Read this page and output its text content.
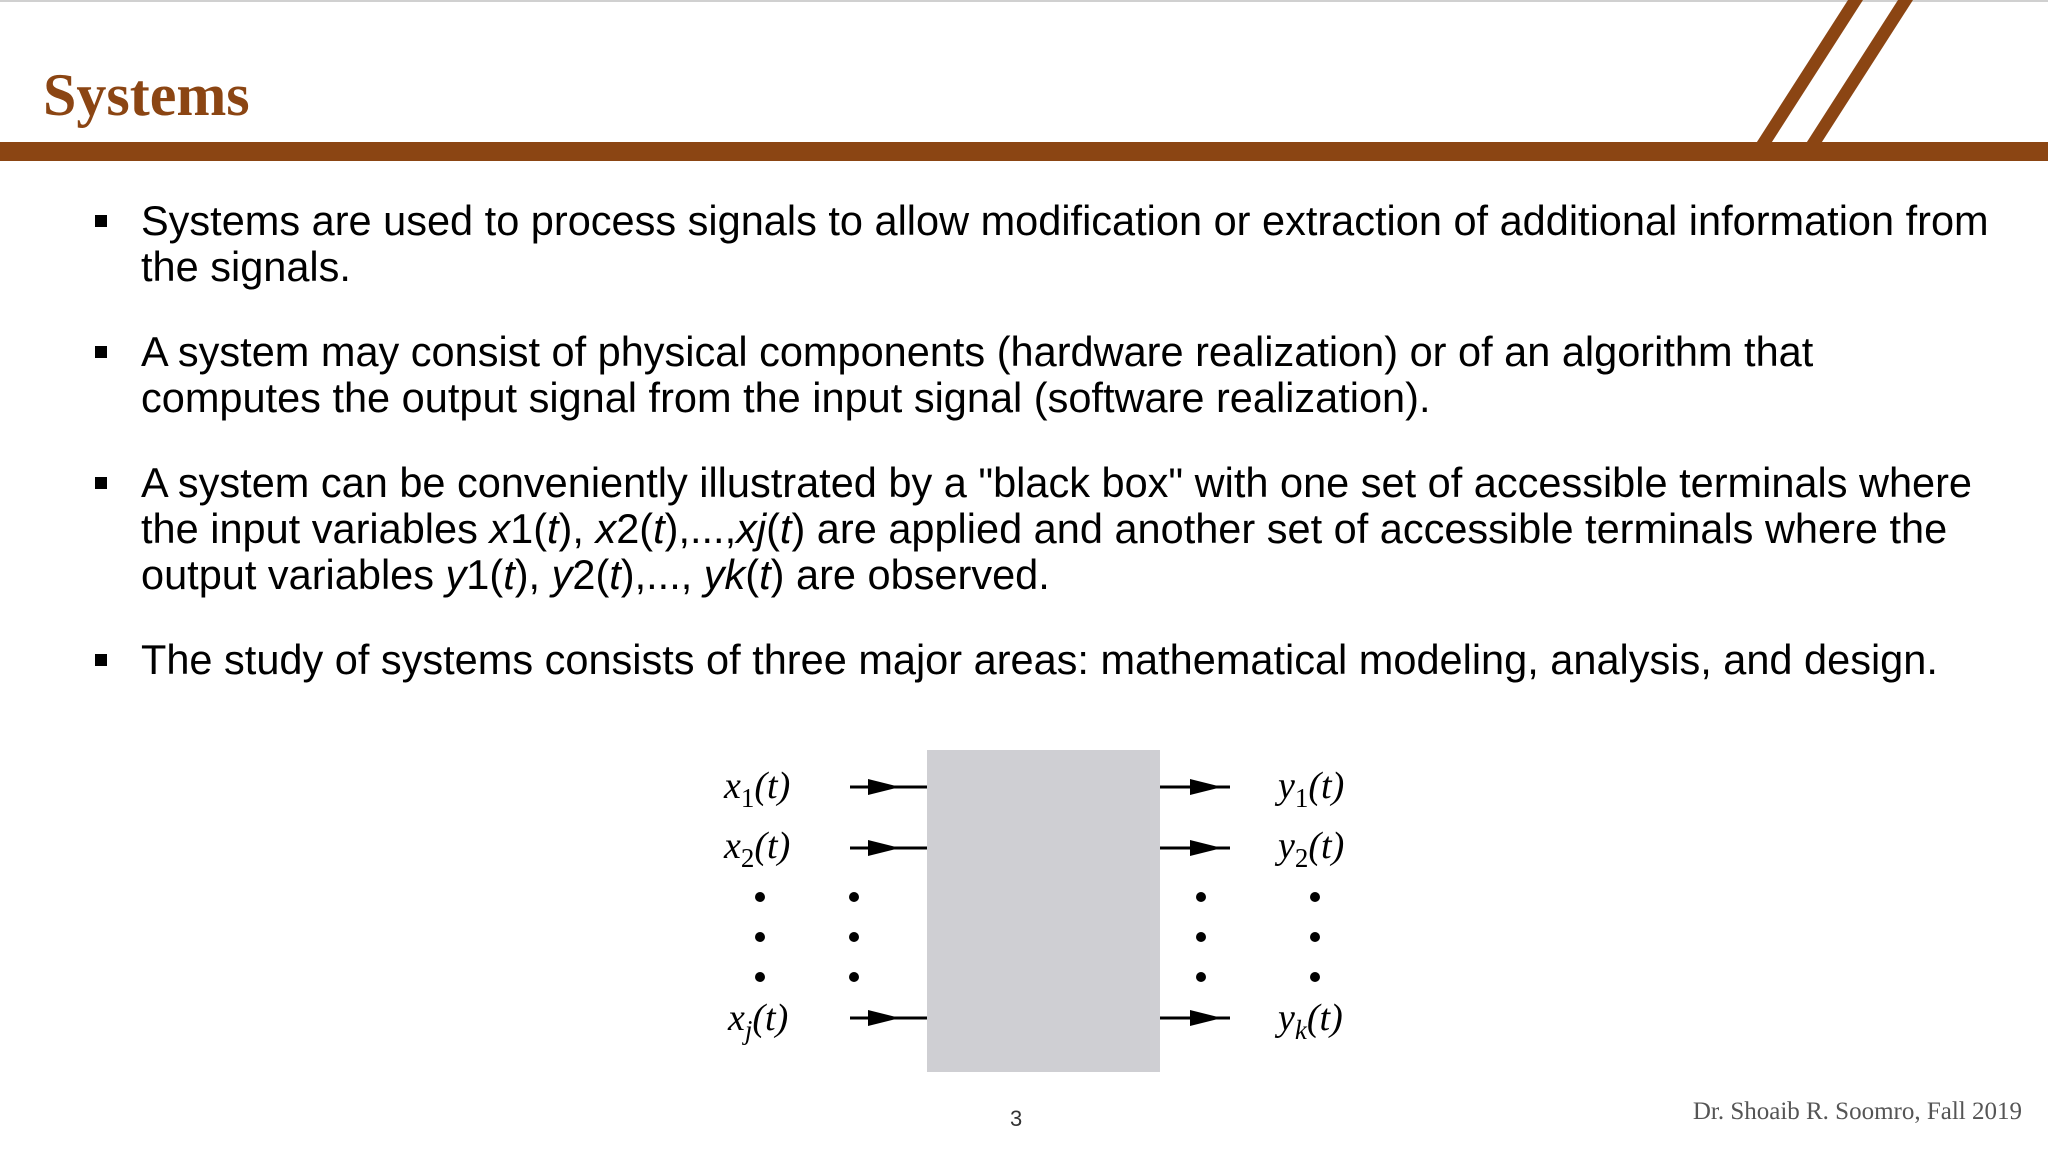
Systems
Systems are used to process signals to allow modification or extraction of additional information from the signals.
A system may consist of physical components (hardware realization) or of an algorithm that computes the output signal from the input signal (software realization).
A system can be conveniently illustrated by a "black box" with one set of accessible terminals where the input variables x1(t), x2(t),...,xj(t) are applied and another set of accessible terminals where the output variables y1(t), y2(t),..., yk(t) are observed.
The study of systems consists of three major areas: mathematical modeling, analysis, and design.
$x_1(t)$
$x_2(t)$
$x_j(t)$
$y_1(t)$
$y_2(t)$
$y_k(t)$
3	Dr. Shoaib R. Soomro, Fall 2019
